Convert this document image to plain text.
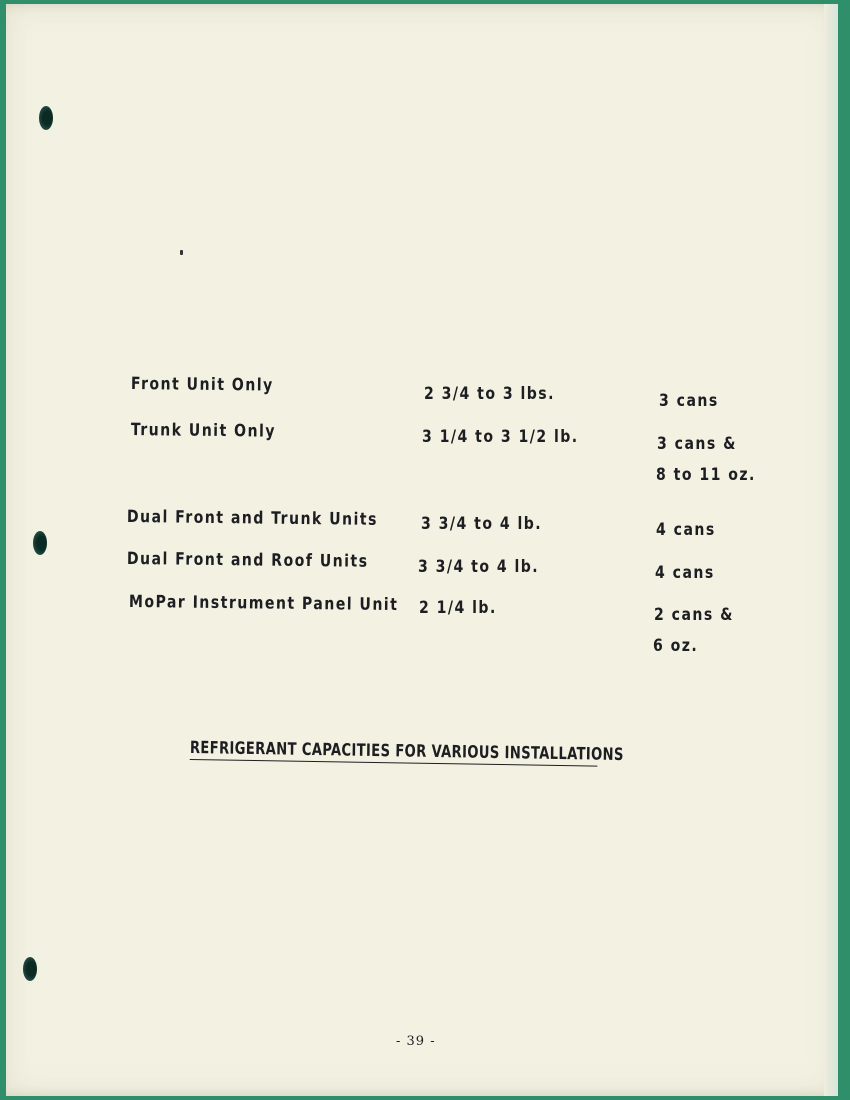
Front Unit Only	2 3/4 to 3 lbs.	3 cans
Trunk Unit Only	3 1/4 to 3 1/2 lb.	3 cans &
8 to 11 oz.
Dual Front and Trunk Units	3 3/4 to 4 lb.	4 cans
Dual Front and Roof Units	3 3/4 to 4 lb.	4 cans
MoPar Instrument Panel Unit 2 1/4 lb.	2 cans &
6 oz.
REFRIGERANT CAPACITIES FOR VARIOUS INSTALLATIONS
- 39 -
